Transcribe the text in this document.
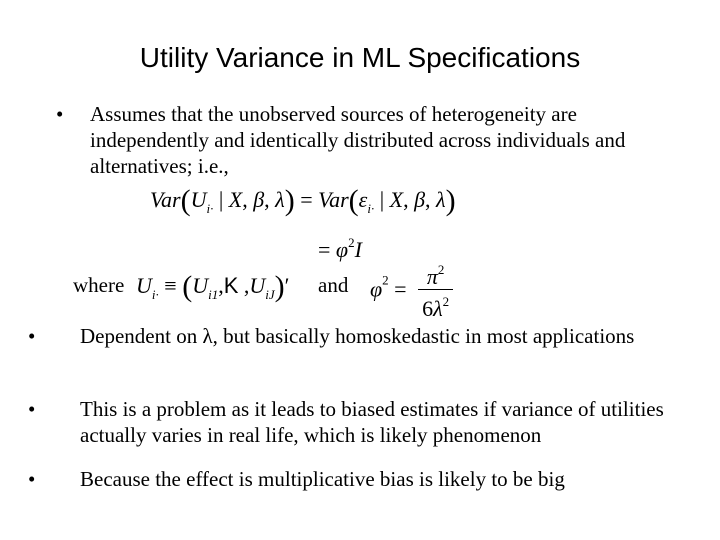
Utility Variance in ML Specifications
• Assumes that the unobserved sources of heterogeneity are independently and identically distributed across individuals and alternatives; i.e.,
$Var(U_{i\cdot}$ | X, β, $\lambda) = Var(\varepsilon_{i\cdot}$ | X, β, λ)
= $\varphi^2I$
where $U_{i\cdot} \equiv (U_{i1},K$ $,U_{iJ})'$ and $\varphi^2 = \frac{\pi^2}{6\lambda^2}$
• Dependent on λ, but basically homoskedastic in most applications
• This is a problem as it leads to biased estimates if variance of utilities actually varies in real life, which is likely phenomenon
• Because the effect is multiplicative bias is likely to be big
